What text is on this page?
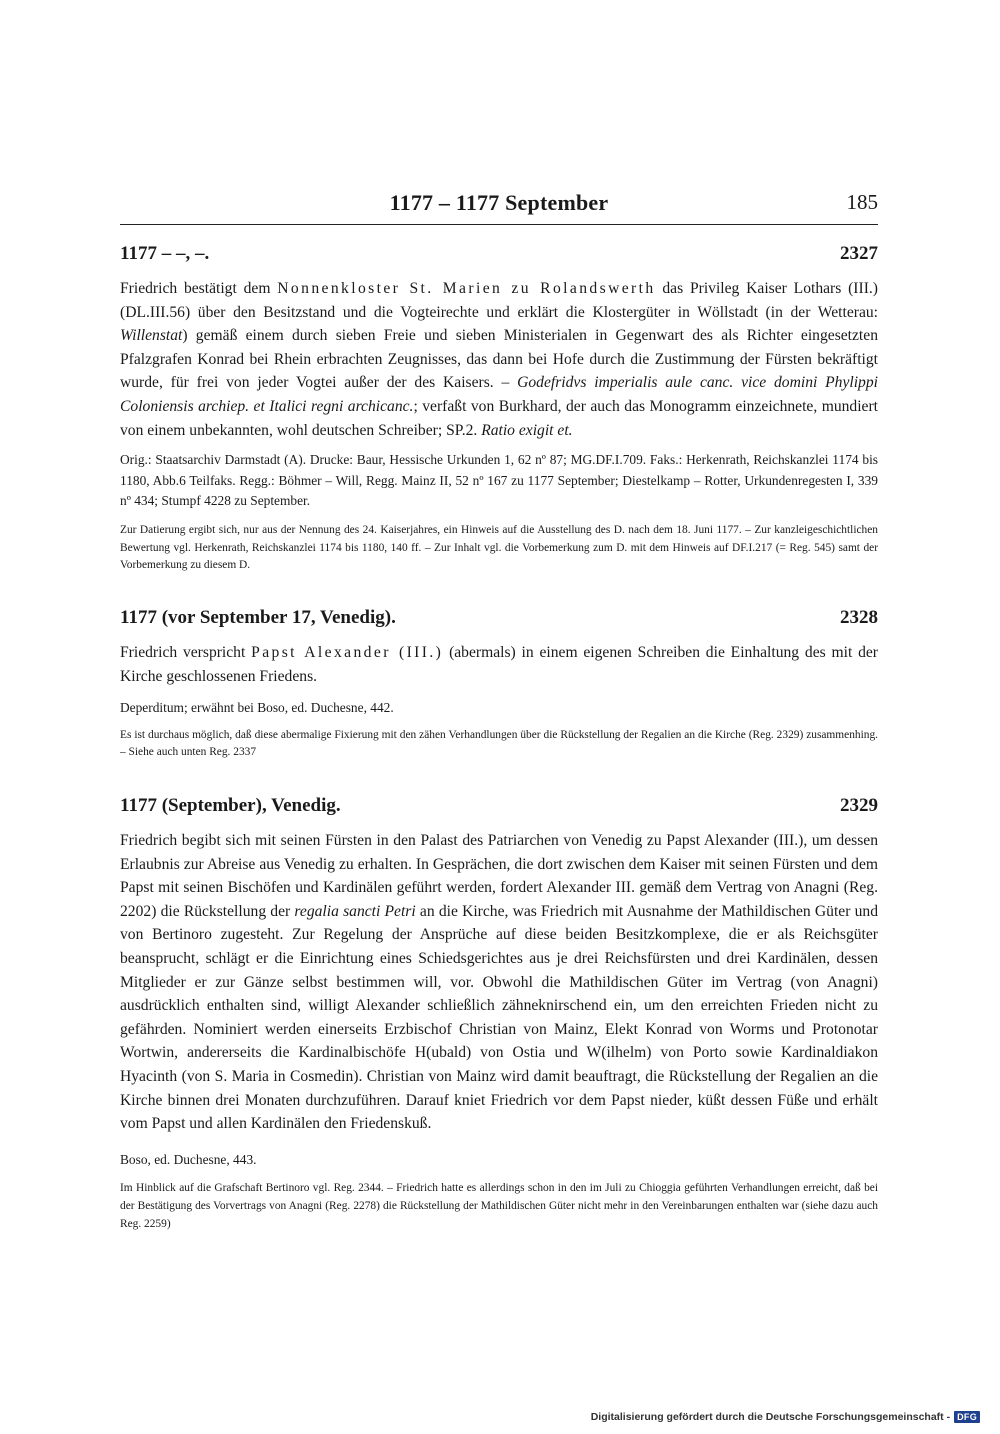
1177 – 1177 September	185
1177 – –, –.	2327

Friedrich bestätigt dem Nonnenkloster St. Marien zu Rolandswerth das Privileg Kaiser Lothars (III.) (DL.III.56) über den Besitzstand und die Vogteirechte und erklärt die Klostergüter in Wöllstadt (in der Wetterau: Willenstat) gemäß einem durch sieben Freie und sieben Ministerialen in Gegenwart des als Richter eingesetzten Pfalzgrafen Konrad bei Rhein erbrachten Zeugnisses, das dann bei Hofe durch die Zustimmung der Fürsten bekräftigt wurde, für frei von jeder Vogtei außer der des Kaisers. – Godefridvs imperialis aule canc. vice domini Phylippi Coloniensis archiep. et Italici regni archicanc.; verfaßt von Burkhard, der auch das Monogramm einzeichnete, mundiert von einem unbekannten, wohl deutschen Schreiber; SP.2. Ratio exigit et.

Orig.: Staatsarchiv Darmstadt (A). Drucke: Baur, Hessische Urkunden 1, 62 nº 87; MG.DF.I.709. Faks.: Herkenrath, Reichskanzlei 1174 bis 1180, Abb.6 Teilfaks. Regg.: Böhmer – Will, Regg. Mainz II, 52 nº 167 zu 1177 September; Diestelkamp – Rotter, Urkundenregesten I, 339 nº 434; Stumpf 4228 zu September.

Zur Datierung ergibt sich, nur aus der Nennung des 24. Kaiserjahres, ein Hinweis auf die Ausstellung des D. nach dem 18. Juni 1177. – Zur kanzleigeschichtlichen Bewertung vgl. Herkenrath, Reichskanzlei 1174 bis 1180, 140 ff. – Zur Inhalt vgl. die Vorbemerkung zum D. mit dem Hinweis auf DF.I.217 (= Reg. 545) samt der Vorbemerkung zu diesem D.

1177 (vor September 17, Venedig).	2328

Friedrich verspricht Papst Alexander (III.) (abermals) in einem eigenen Schreiben die Einhaltung des mit der Kirche geschlossenen Friedens.

Deperditum; erwähnt bei Boso, ed. Duchesne, 442.

Es ist durchaus möglich, daß diese abermalige Fixierung mit den zähen Verhandlungen über die Rückstellung der Regalien an die Kirche (Reg. 2329) zusammenhing. – Siehe auch unten Reg. 2337

1177 (September), Venedig.	2329

Friedrich begibt sich mit seinen Fürsten in den Palast des Patriarchen von Venedig zu Papst Alexander (III.), um dessen Erlaubnis zur Abreise aus Venedig zu erhalten. In Gesprächen, die dort zwischen dem Kaiser mit seinen Fürsten und dem Papst mit seinen Bischöfen und Kardinälen geführt werden, fordert Alexander III. gemäß dem Vertrag von Anagni (Reg. 2202) die Rückstellung der regalia sancti Petri an die Kirche, was Friedrich mit Ausnahme der Mathildischen Güter und von Bertinoro zugesteht. Zur Regelung der Ansprüche auf diese beiden Besitzkomplexe, die er als Reichsgüter beansprucht, schlägt er die Einrichtung eines Schiedsgerichtes aus je drei Reichsfürsten und drei Kardinälen, dessen Mitglieder er zur Gänze selbst bestimmen will, vor. Obwohl die Mathildischen Güter im Vertrag (von Anagni) ausdrücklich enthalten sind, willigt Alexander schließlich zähneknirschend ein, um den erreichten Frieden nicht zu gefährden. Nominiert werden einerseits Erzbischof Christian von Mainz, Elekt Konrad von Worms und Protonotar Wortwin, andererseits die Kardinalbischöfe H(ubald) von Ostia und W(ilhelm) von Porto sowie Kardinaldiakon Hyacinth (von S. Maria in Cosmedin). Christian von Mainz wird damit beauftragt, die Rückstellung der Regalien an die Kirche binnen drei Monaten durchzuführen. Darauf kniet Friedrich vor dem Papst nieder, küßt dessen Füße und erhält vom Papst und allen Kardinälen den Friedenskuß.

Boso, ed. Duchesne, 443.

Im Hinblick auf die Grafschaft Bertinoro vgl. Reg. 2344. – Friedrich hatte es allerdings schon in den im Juli zu Chioggia geführten Verhandlungen erreicht, daß bei der Bestätigung des Vorvertrags von Anagni (Reg. 2278) die Rückstellung der Mathildischen Güter nicht mehr in den Vereinbarungen enthalten war (siehe dazu auch Reg. 2259)

Digitalisierung gefördert durch die Deutsche Forschungsgemeinschaft - DFG
